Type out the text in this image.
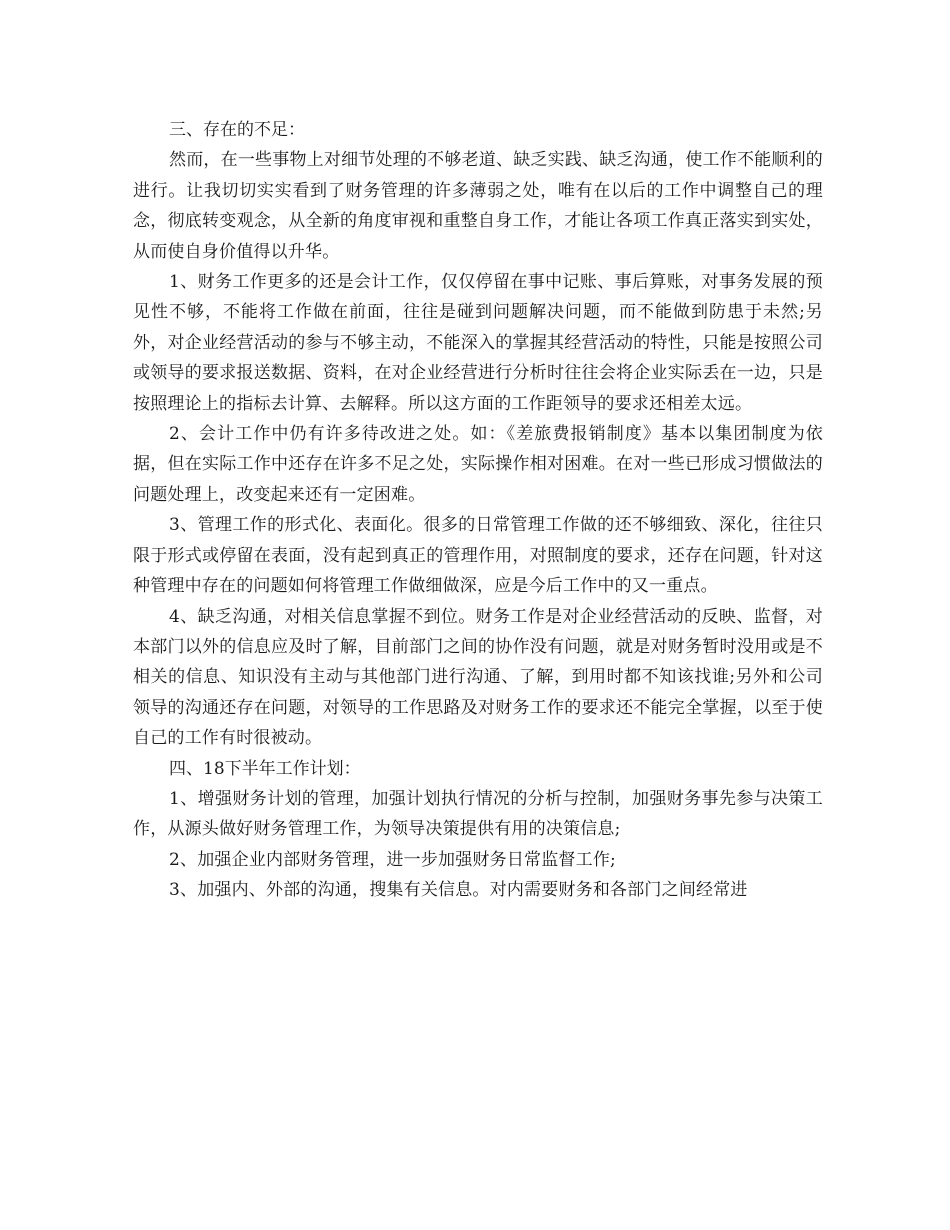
三、存在的不足：

然而，在一些事物上对细节处理的不够老道、缺乏实践、缺乏沟通，使工作不能顺利的进行。让我切切实实看到了财务管理的许多薄弱之处，唯有在以后的工作中调整自己的理念，彻底转变观念，从全新的角度审视和重整自身工作，才能让各项工作真正落实到实处，从而使自身价值得以升华。

1、财务工作更多的还是会计工作，仅仅停留在事中记账、事后算账，对事务发展的预见性不够，不能将工作做在前面，往往是碰到问题解决问题，而不能做到防患于未然;另外，对企业经营活动的参与不够主动，不能深入的掌握其经营活动的特性，只能是按照公司或领导的要求报送数据、资料，在对企业经营进行分析时往往会将企业实际丢在一边，只是按照理论上的指标去计算、去解释。所以这方面的工作距领导的要求还相差太远。

2、会计工作中仍有许多待改进之处。如：《差旅费报销制度》基本以集团制度为依据，但在实际工作中还存在许多不足之处，实际操作相对困难。在对一些已形成习惯做法的问题处理上，改变起来还有一定困难。

3、管理工作的形式化、表面化。很多的日常管理工作做的还不够细致、深化，往往只限于形式或停留在表面，没有起到真正的管理作用，对照制度的要求，还存在问题，针对这种管理中存在的问题如何将管理工作做细做深，应是今后工作中的又一重点。

4、缺乏沟通，对相关信息掌握不到位。财务工作是对企业经营活动的反映、监督，对本部门以外的信息应及时了解，目前部门之间的协作没有问题，就是对财务暂时没用或是不相关的信息、知识没有主动与其他部门进行沟通、了解，到用时都不知该找谁;另外和公司领导的沟通还存在问题，对领导的工作思路及对财务工作的要求还不能完全掌握，以至于使自己的工作有时很被动。

四、18下半年工作计划：

1、增强财务计划的管理，加强计划执行情况的分析与控制，加强财务事先参与决策工作，从源头做好财务管理工作，为领导决策提供有用的决策信息;

2、加强企业内部财务管理，进一步加强财务日常监督工作;

3、加强内、外部的沟通，搜集有关信息。对内需要财务和各部门之间经常进
